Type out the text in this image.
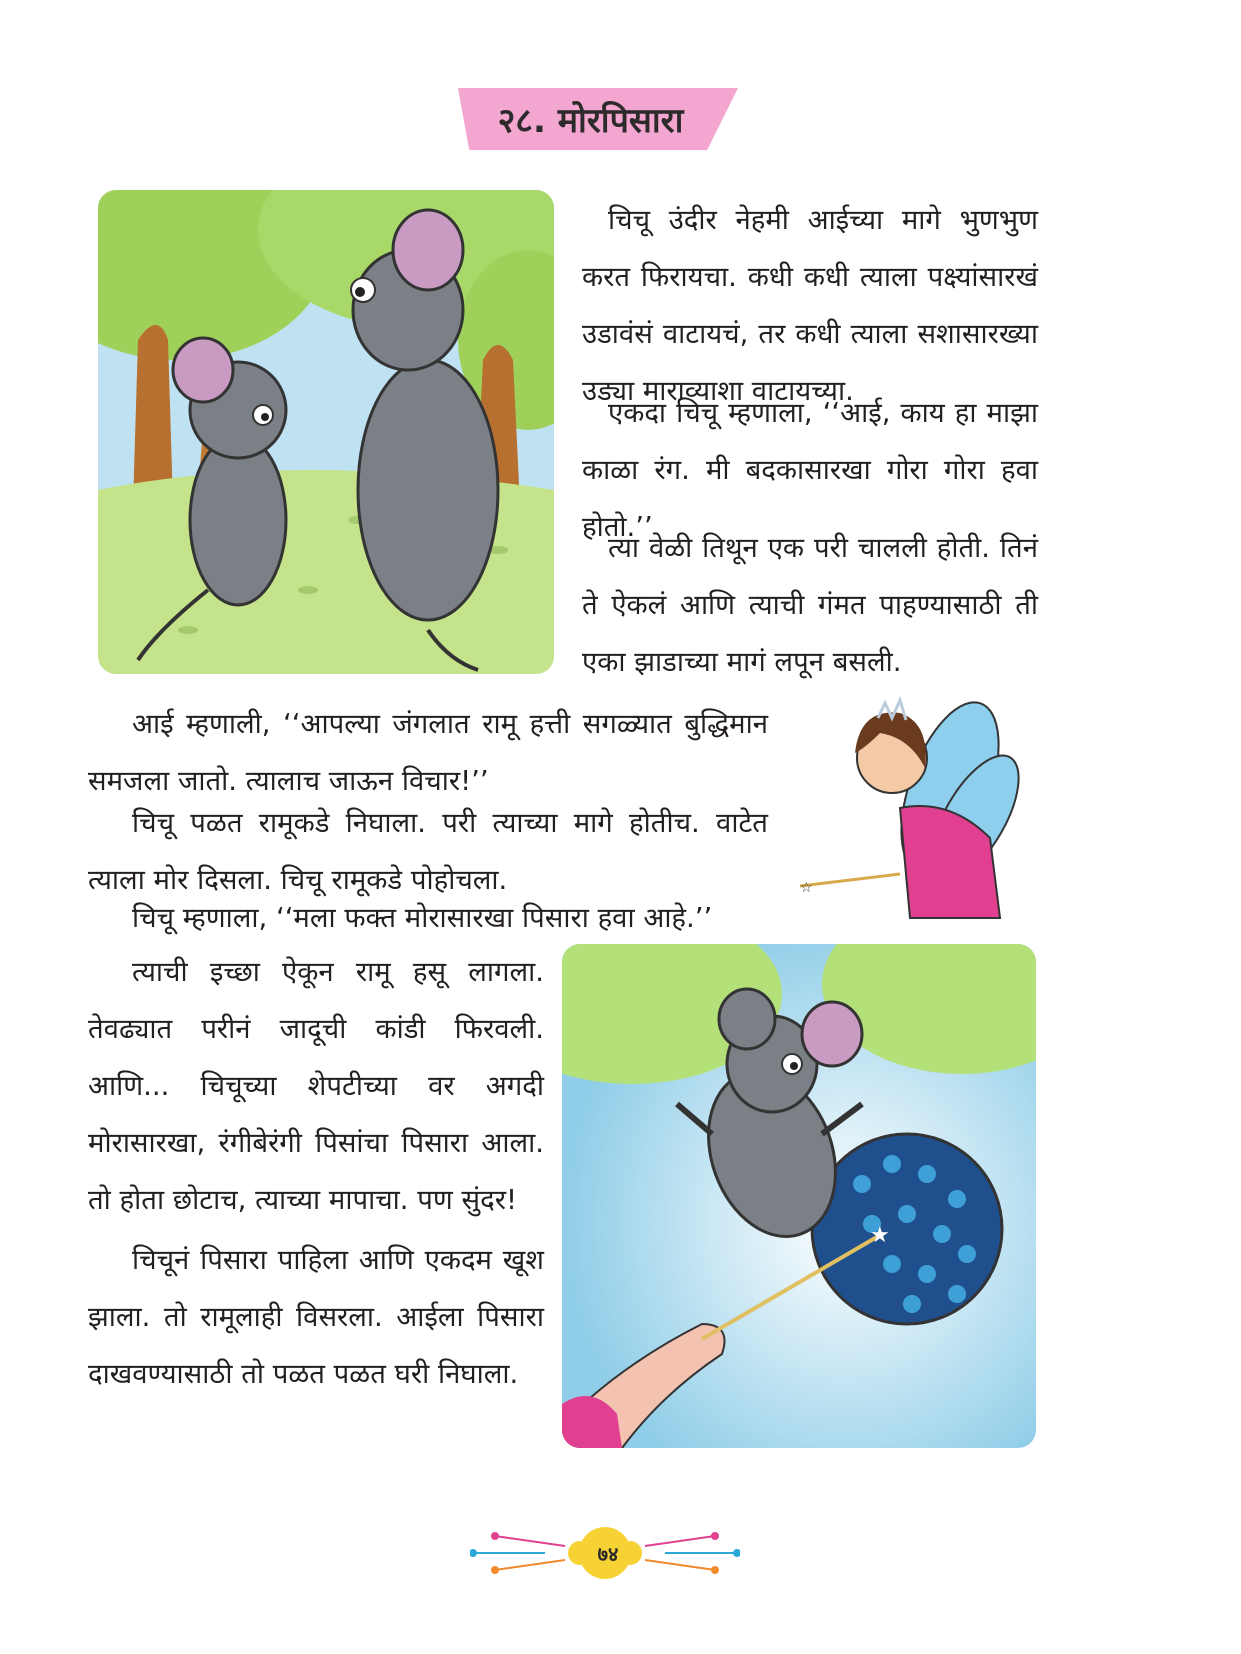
२८. मोरपिसारा
☆
★

चिचू उंदीर नेहमी आईच्या मागे भुणभुण करत फिरायचा. कधी कधी त्याला पक्ष्यांसारखं उडावंसं वाटायचं, तर कधी त्याला सशासारख्या उड्या माराव्याशा वाटायच्या.

एकदा चिचू म्हणाला, ‘‘आई, काय हा माझा काळा रंग. मी बदकासारखा गोरा गोरा हवा होतो.’’

त्या वेळी तिथून एक परी चालली होती. तिनं ते ऐकलं आणि त्याची गंमत पाहण्यासाठी ती एका झाडाच्या मागं लपून बसली.

आई म्हणाली, ‘‘आपल्या जंगलात रामू हत्ती सगळ्यात बुद्धिमान समजला जातो. त्यालाच जाऊन विचार!’’

चिचू पळत रामूकडे निघाला. परी त्याच्या मागे होतीच. वाटेत त्याला मोर दिसला. चिचू रामूकडे पोहोचला.

चिचू म्हणाला, ‘‘मला फक्त मोरासारखा पिसारा हवा आहे.’’

त्याची इच्छा ऐकून रामू हसू लागला. तेवढ्यात परीनं जादूची कांडी फिरवली. आणि... चिचूच्या शेपटीच्या वर अगदी मोरासारखा, रंगीबेरंगी पिसांचा पिसारा आला. तो होता छोटाच, त्याच्या मापाचा. पण सुंदर!

चिचूनं पिसारा पाहिला आणि एकदम खूश झाला. तो रामूलाही विसरला. आईला पिसारा दाखवण्यासाठी तो पळत पळत घरी निघाला.

७४
